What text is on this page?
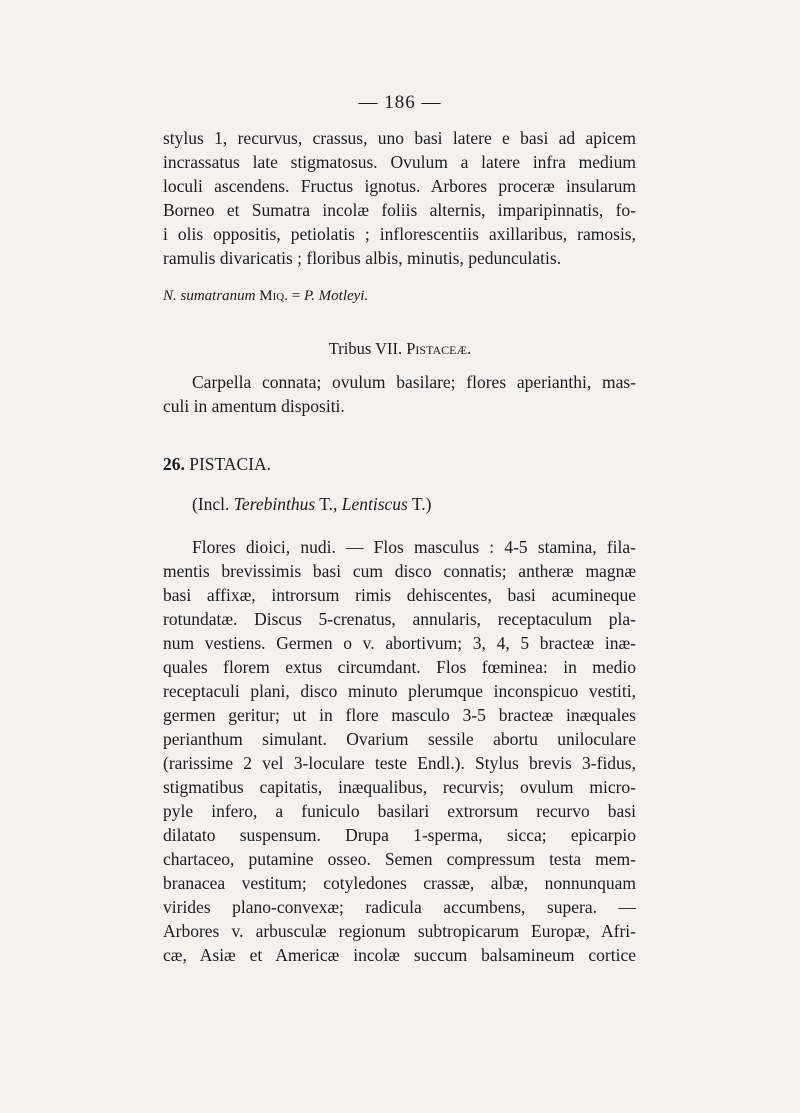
— 186 —
stylus 1, recurvus, crassus, uno basi latere e basi ad apicem
incrassatus late stigmatosus. Ovulum a latere infra medium
loculi ascendens. Fructus ignotus. Arbores proceræ insularum
Borneo et Sumatra incolæ foliis alternis, imparipinnatis, fo-
i olis oppositis, petiolatis ; inflorescentiis axillaribus, ramosis,
ramulis divaricatis ; floribus albis, minutis, pedunculatis.
N. sumatranum Miq. = P. Motleyi.
Tribus VII. Pistaceæ.
Carpella connata; ovulum basilare; flores aperianthi, mas-
culi in amentum dispositi.
26. PISTACIA.
(Incl. Terebinthus T., Lentiscus T.)
Flores dioici, nudi. — Flos masculus : 4-5 stamina, fila-
mentis brevissimis basi cum disco connatis; antheræ magnæ
basi affixæ, introrsum rimis dehiscentes, basi acumineque
rotundatæ. Discus 5-crenatus, annularis, receptaculum pla-
num vestiens. Germen o v. abortivum; 3, 4, 5 bracteæ inæ-
quales florem extus circumdant. Flos fœminea: in medio
receptaculi plani, disco minuto plerumque inconspicuo vestiti,
germen geritur; ut in flore masculo 3-5 bracteæ inæquales
perianthum simulant. Ovarium sessile abortu uniloculare
(rarissime 2 vel 3-loculare teste Endl.). Stylus brevis 3-fidus,
stigmatibus capitatis, inæqualibus, recurvis; ovulum micro-
pyle infero, a funiculo basilari extrorsum recurvo basi
dilatato suspensum. Drupa 1-sperma, sicca; epicarpio
chartaceo, putamine osseo. Semen compressum testa mem-
branacea vestitum; cotyledones crassæ, albæ, nonnunquam
virides plano-convexæ; radicula accumbens, supera. —
Arbores v. arbusculæ regionum subtropicarum Europæ, Afri-
cæ, Asiæ et Americæ incolæ succum balsamineum cortice
